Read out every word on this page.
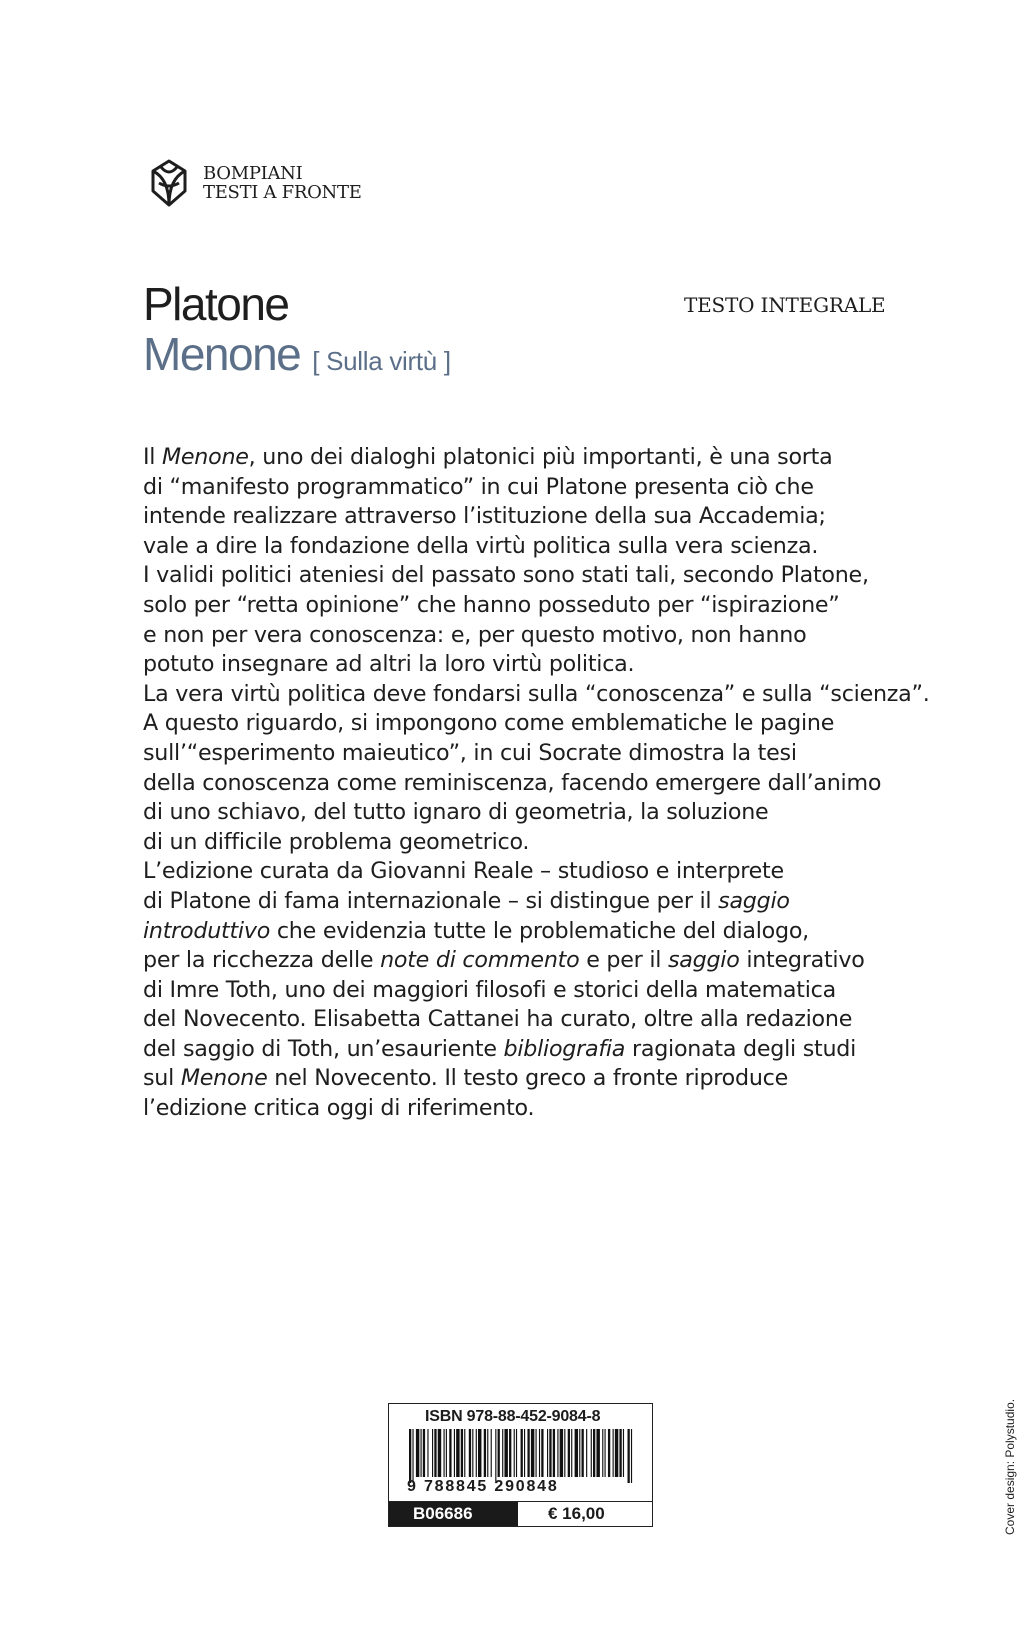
BOMPIANI
TESTI A FRONTE
Platone
Menone [ Sulla virtù ]
TESTO INTEGRALE
Il Menone, uno dei dialoghi platonici più importanti, è una sorta
di “manifesto programmatico” in cui Platone presenta ciò che
intende realizzare attraverso l’istituzione della sua Accademia;
vale a dire la fondazione della virtù politica sulla vera scienza.
I validi politici ateniesi del passato sono stati tali, secondo Platone,
solo per “retta opinione” che hanno posseduto per “ispirazione”
e non per vera conoscenza: e, per questo motivo, non hanno
potuto insegnare ad altri la loro virtù politica.
La vera virtù politica deve fondarsi sulla “conoscenza” e sulla “scienza”.
A questo riguardo, si impongono come emblematiche le pagine
sull’“esperimento maieutico”, in cui Socrate dimostra la tesi
della conoscenza come reminiscenza, facendo emergere dall’animo
di uno schiavo, del tutto ignaro di geometria, la soluzione
di un difficile problema geometrico.
L’edizione curata da Giovanni Reale – studioso e interprete
di Platone di fama internazionale – si distingue per il saggio
introduttivo che evidenzia tutte le problematiche del dialogo,
per la ricchezza delle note di commento e per il saggio integrativo
di Imre Toth, uno dei maggiori filosofi e storici della matematica
del Novecento. Elisabetta Cattanei ha curato, oltre alla redazione
del saggio di Toth, un’esauriente bibliografia ragionata degli studi
sul Menone nel Novecento. Il testo greco a fronte riproduce
l’edizione critica oggi di riferimento.
ISBN 978-88-452-9084-8
9 788845 290848
B06686	€ 16,00	Cover design: Polystudio.
